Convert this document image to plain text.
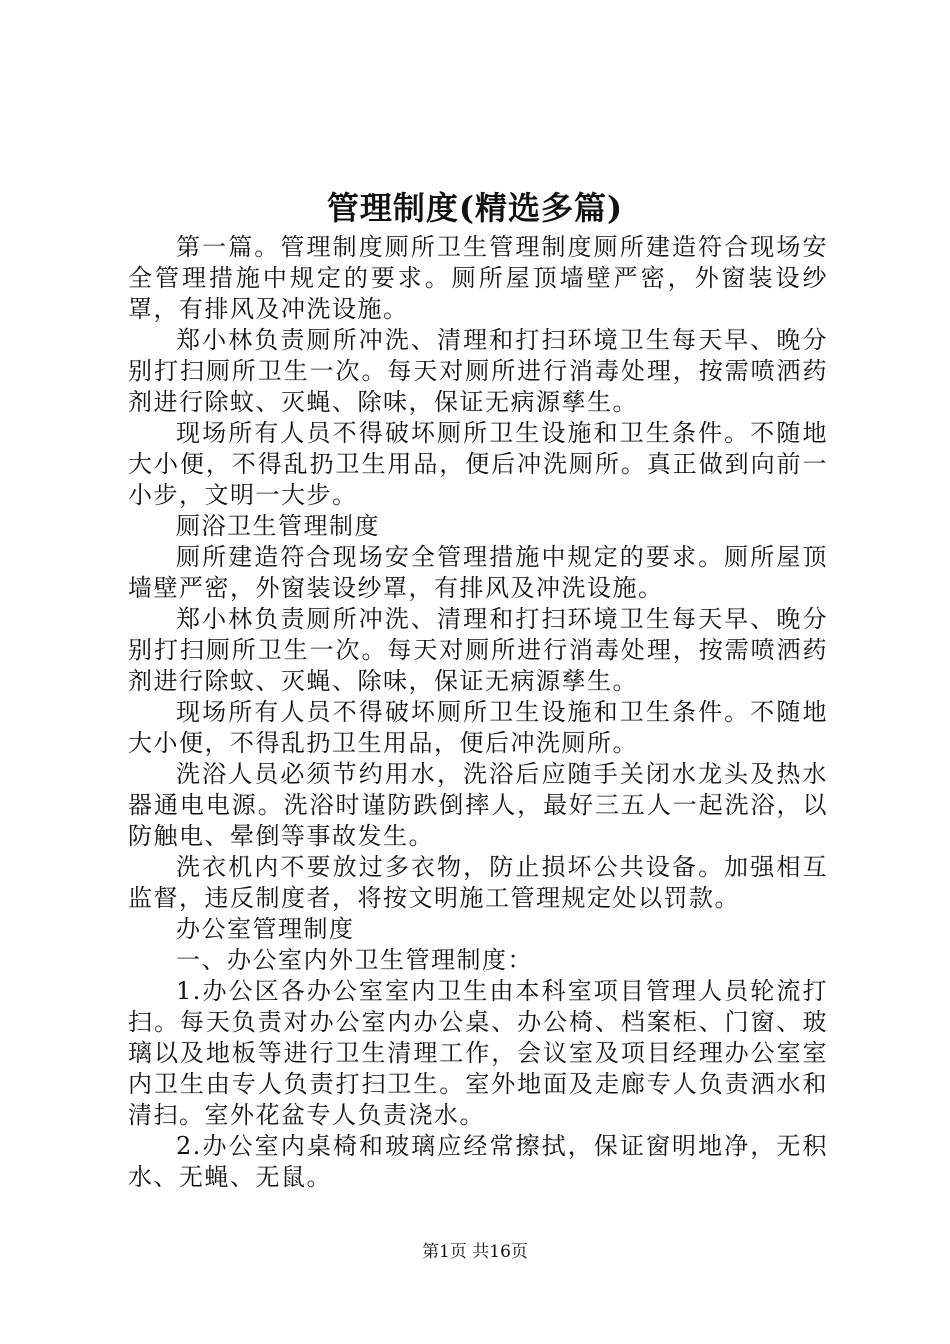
管理制度(精选多篇)

第一篇。管理制度厕所卫生管理制度厕所建造符合现场安全管理措施中规定的要求。厕所屋顶墙壁严密，外窗装设纱罩，有排风及冲洗设施。

郑小林负责厕所冲洗、清理和打扫环境卫生每天早、晚分别打扫厕所卫生一次。每天对厕所进行消毒处理，按需喷洒药剂进行除蚊、灭蝇、除味，保证无病源孳生。

现场所有人员不得破坏厕所卫生设施和卫生条件。不随地大小便，不得乱扔卫生用品，便后冲洗厕所。真正做到向前一小步，文明一大步。

厕浴卫生管理制度

厕所建造符合现场安全管理措施中规定的要求。厕所屋顶墙壁严密，外窗装设纱罩，有排风及冲洗设施。

郑小林负责厕所冲洗、清理和打扫环境卫生每天早、晚分别打扫厕所卫生一次。每天对厕所进行消毒处理，按需喷洒药剂进行除蚊、灭蝇、除味，保证无病源孳生。

现场所有人员不得破坏厕所卫生设施和卫生条件。不随地大小便，不得乱扔卫生用品，便后冲洗厕所。

洗浴人员必须节约用水，洗浴后应随手关闭水龙头及热水器通电电源。洗浴时谨防跌倒摔人，最好三五人一起洗浴，以防触电、晕倒等事故发生。

洗衣机内不要放过多衣物，防止损坏公共设备。加强相互监督，违反制度者，将按文明施工管理规定处以罚款。

办公室管理制度

一、办公室内外卫生管理制度：

1.办公区各办公室室内卫生由本科室项目管理人员轮流打扫。每天负责对办公室内办公桌、办公椅、档案柜、门窗、玻璃以及地板等进行卫生清理工作，会议室及项目经理办公室室内卫生由专人负责打扫卫生。室外地面及走廊专人负责洒水和清扫。室外花盆专人负责浇水。

2.办公室内桌椅和玻璃应经常擦拭，保证窗明地净，无积水、无蝇、无鼠。

第1页 共16页
